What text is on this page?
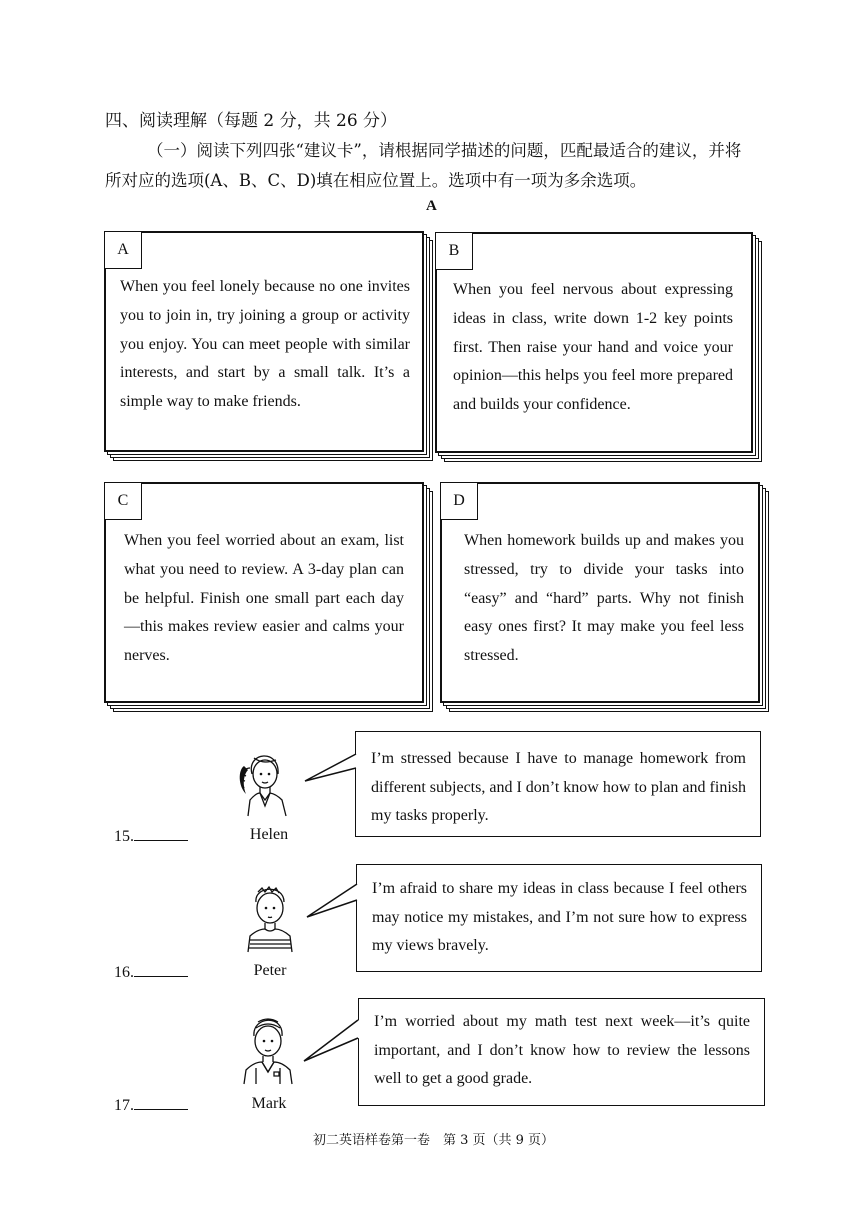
四、阅读理解（每题 2 分，共 26 分）
（一）阅读下列四张“建议卡”，请根据同学描述的问题，匹配最适合的建议，并将
所对应的选项(A、B、C、D)填在相应位置上。选项中有一项为多余选项。
A
A
When you feel lonely because no one invites you to join in, try joining a group or activity you enjoy. You can meet people with similar interests, and start by a small talk. It’s a simple way to make friends.
B
When you feel nervous about expressing ideas in class, write down 1-2 key points first. Then raise your hand and voice your opinion—this helps you feel more prepared and builds your confidence.
C
When you feel worried about an exam, list what you need to review. A 3-day plan can be helpful. Finish one small part each day—this makes review easier and calms your nerves.
D
When homework builds up and makes you stressed, try to divide your tasks into “easy” and “hard” parts. Why not finish easy ones first? It may make you feel less stressed.
15.	Helen
I’m stressed because I have to manage homework from different subjects, and I don’t know how to plan and finish my tasks properly.
16.	Peter
I’m afraid to share my ideas in class because I feel others may notice my mistakes, and I’m not sure how to express my views bravely.
17.	Mark
I’m worried about my math test next week—it’s quite important, and I don’t know how to review the lessons well to get a good grade.
初二英语样卷第一卷　第 3 页（共 9 页）
